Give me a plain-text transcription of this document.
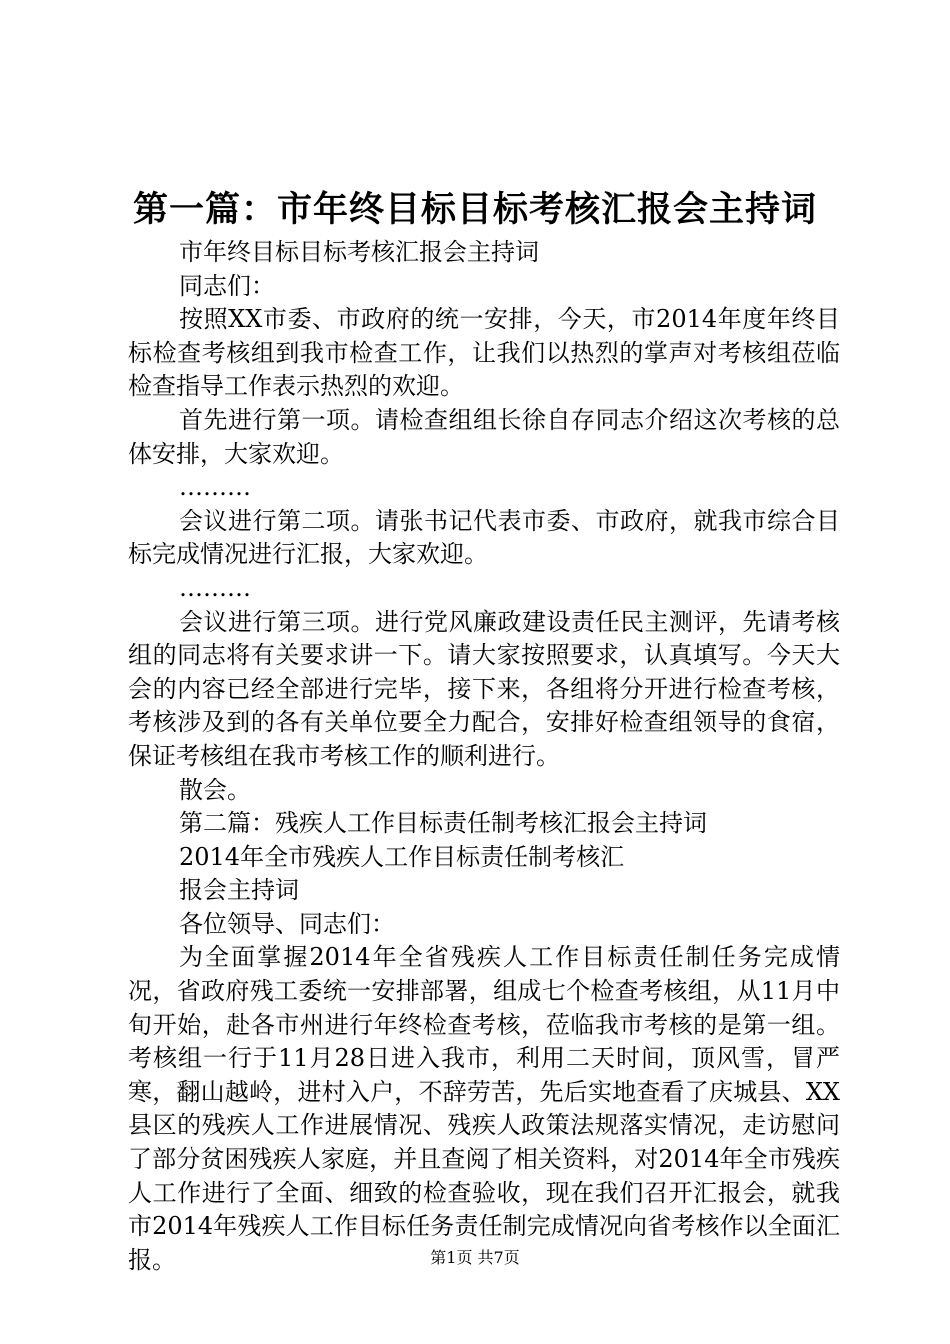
第一篇：市年终目标目标考核汇报会主持词

市年终目标目标考核汇报会主持词

同志们：

按照XX市委、市政府的统一安排，今天，市2014年度年终目标检查考核组到我市检查工作，让我们以热烈的掌声对考核组莅临检查指导工作表示热烈的欢迎。

首先进行第一项。请检查组组长徐自存同志介绍这次考核的总体安排，大家欢迎。

………

会议进行第二项。请张书记代表市委、市政府，就我市综合目标完成情况进行汇报，大家欢迎。

………

会议进行第三项。进行党风廉政建设责任民主测评，先请考核组的同志将有关要求讲一下。请大家按照要求，认真填写。今天大会的内容已经全部进行完毕，接下来，各组将分开进行检查考核，考核涉及到的各有关单位要全力配合，安排好检查组领导的食宿，保证考核组在我市考核工作的顺利进行。

散会。

第二篇：残疾人工作目标责任制考核汇报会主持词

2014年全市残疾人工作目标责任制考核汇

报会主持词

各位领导、同志们：

为全面掌握2014年全省残疾人工作目标责任制任务完成情况，省政府残工委统一安排部署，组成七个检查考核组，从11月中旬开始，赴各市州进行年终检查考核，莅临我市考核的是第一组。考核组一行于11月28日进入我市，利用二天时间，顶风雪，冒严寒，翻山越岭，进村入户，不辞劳苦，先后实地查看了庆城县、XX县区的残疾人工作进展情况、残疾人政策法规落实情况，走访慰问了部分贫困残疾人家庭，并且查阅了相关资料，对2014年全市残疾人工作进行了全面、细致的检查验收，现在我们召开汇报会，就我市2014年残疾人工作目标任务责任制完成情况向省考核作以全面汇报。	第1页 共7页
